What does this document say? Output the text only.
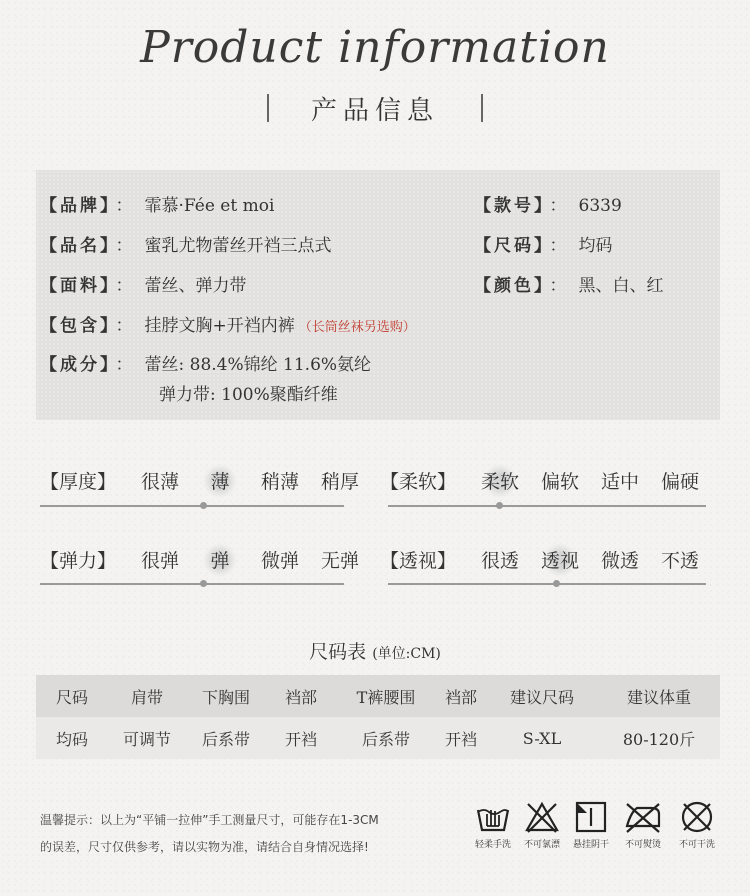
Product information
产品信息
【品牌】 ： 霏慕·Fée et moi
【品名】 ： 蜜乳尤物蕾丝开裆三点式
【面料】 ： 蕾丝、弹力带
【包含】 ： 挂脖文胸+开裆内裤 （长筒丝袜另选购）
【成分】 ： 蕾丝: 88.4%锦纶 11.6%氨纶
弹力带: 100%聚酯纤维
【款号】 ： 6339
【尺码】 ： 均码
【颜色】 ： 黑、白、红
【厚度】 很薄 薄 稍薄 稍厚	【柔软】 柔软 偏软 适中 偏硬
【弹力】 很弹 弹 微弹 无弹	【透视】 很透 透视 微透 不透
尺码表 (单位:CM)
尺码	肩带	下胸围	裆部	T裤腰围	裆部	建议尺码	建议体重
均码	可调节	后系带	开裆	后系带	开裆	S-XL	80-120斤
温馨提示：以上为“平铺一拉伸”手工测量尺寸，可能存在1-3CM
的误差，尺寸仅供参考，请以实物为准，请结合自身情况选择!	轻柔手洗	不可氯漂	悬挂阴干	不可熨烫	不可干洗
